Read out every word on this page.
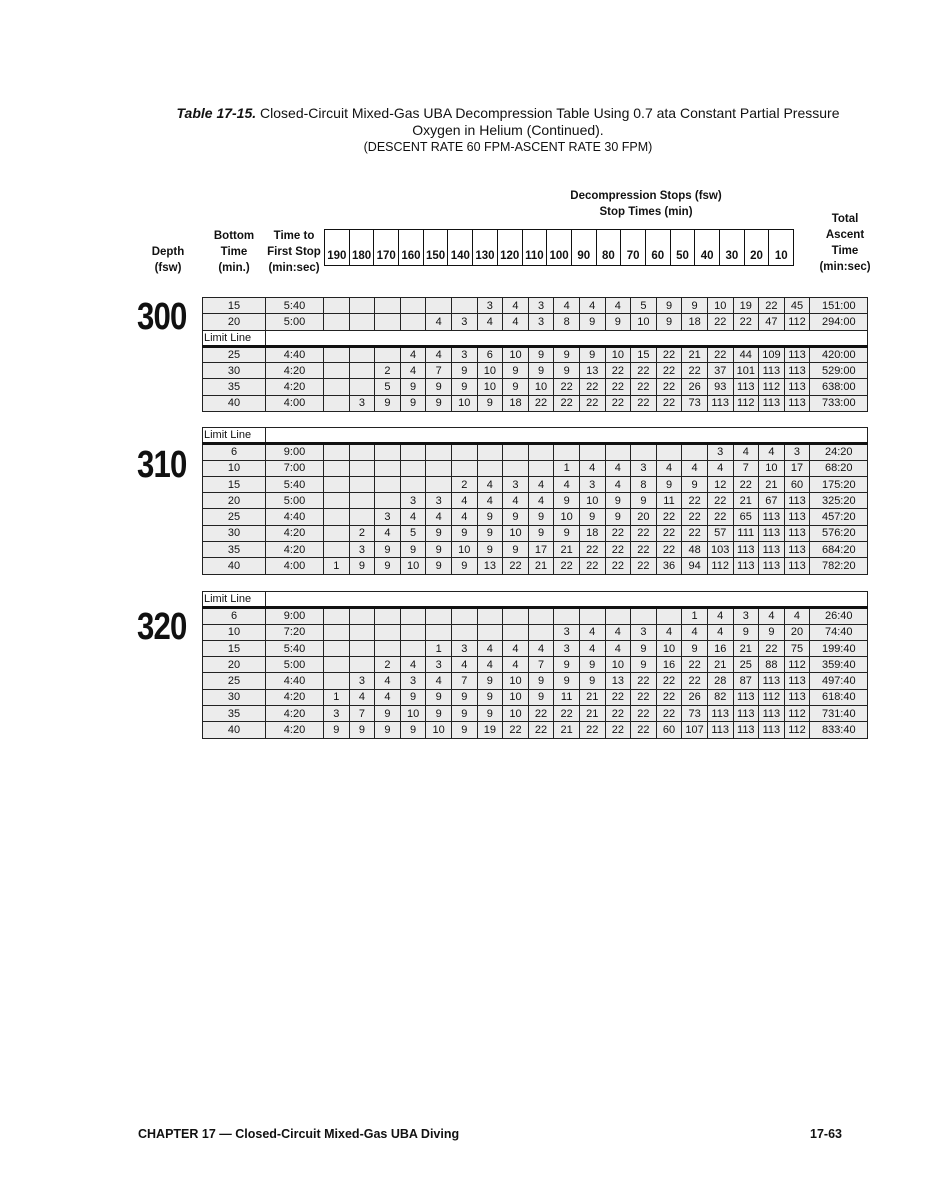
Table 17-15. Closed-Circuit Mixed-Gas UBA Decompression Table Using 0.7 ata Constant Partial Pressure
Oxygen in Helium (Continued).
(DESCENT RATE 60 FPM-ASCENT RATE 30 FPM)
Depth
(fsw)
Bottom
Time
(min.)
Time to
First Stop
(min:sec)
Decompression Stops (fsw)
Stop Times (min)
Total
Ascent
Time
(min:sec)
190	180	170	160	150	140	130	120	110	100	90	80	70	60	50	40	30	20	10
300	15	5:40							3	4	3	4	4	4	5	9	9	10	19	22	45	151:00
20	5:00					4	3	4	4	3	8	9	9	10	9	18	22	22	47	112	294:00
Limit Line																					
25	4:40				4	4	3	6	10	9	9	9	10	15	22	21	22	44	109	113	420:00
30	4:20			2	4	7	9	10	9	9	9	13	22	22	22	22	37	101	113	113	529:00
35	4:20			5	9	9	9	10	9	10	22	22	22	22	22	26	93	113	112	113	638:00
40	4:00		3	9	9	9	10	9	18	22	22	22	22	22	22	73	113	112	113	113	733:00
310
Limit Line																					
6	9:00																3	4	4	3	24:20
10	7:00										1	4	4	3	4	4	4	7	10	17	68:20
15	5:40						2	4	3	4	4	3	4	8	9	9	12	22	21	60	175:20
20	5:00				3	3	4	4	4	4	9	10	9	9	11	22	22	21	67	113	325:20
25	4:40			3	4	4	4	9	9	9	10	9	9	20	22	22	22	65	113	113	457:20
30	4:20		2	4	5	9	9	9	10	9	9	18	22	22	22	22	57	111	113	113	576:20
35	4:20		3	9	9	9	10	9	9	17	21	22	22	22	22	48	103	113	113	113	684:20
40	4:00	1	9	9	10	9	9	13	22	21	22	22	22	22	36	94	112	113	113	113	782:20
320
Limit Line																					
6	9:00															1	4	3	4	4	26:40
10	7:20										3	4	4	3	4	4	4	9	9	20	74:40
15	5:40					1	3	4	4	4	3	4	4	9	10	9	16	21	22	75	199:40
20	5:00			2	4	3	4	4	4	7	9	9	10	9	16	22	21	25	88	112	359:40
25	4:40		3	4	3	4	7	9	10	9	9	9	13	22	22	22	28	87	113	113	497:40
30	4:20	1	4	4	9	9	9	9	10	9	11	21	22	22	22	26	82	113	112	113	618:40
35	4:20	3	7	9	10	9	9	9	10	22	22	21	22	22	22	73	113	113	113	112	731:40
40	4:20	9	9	9	9	10	9	19	22	22	21	22	22	22	60	107	113	113	113	112	833:40
CHAPTER 17 — Closed-Circuit Mixed-Gas UBA Diving	17-63
